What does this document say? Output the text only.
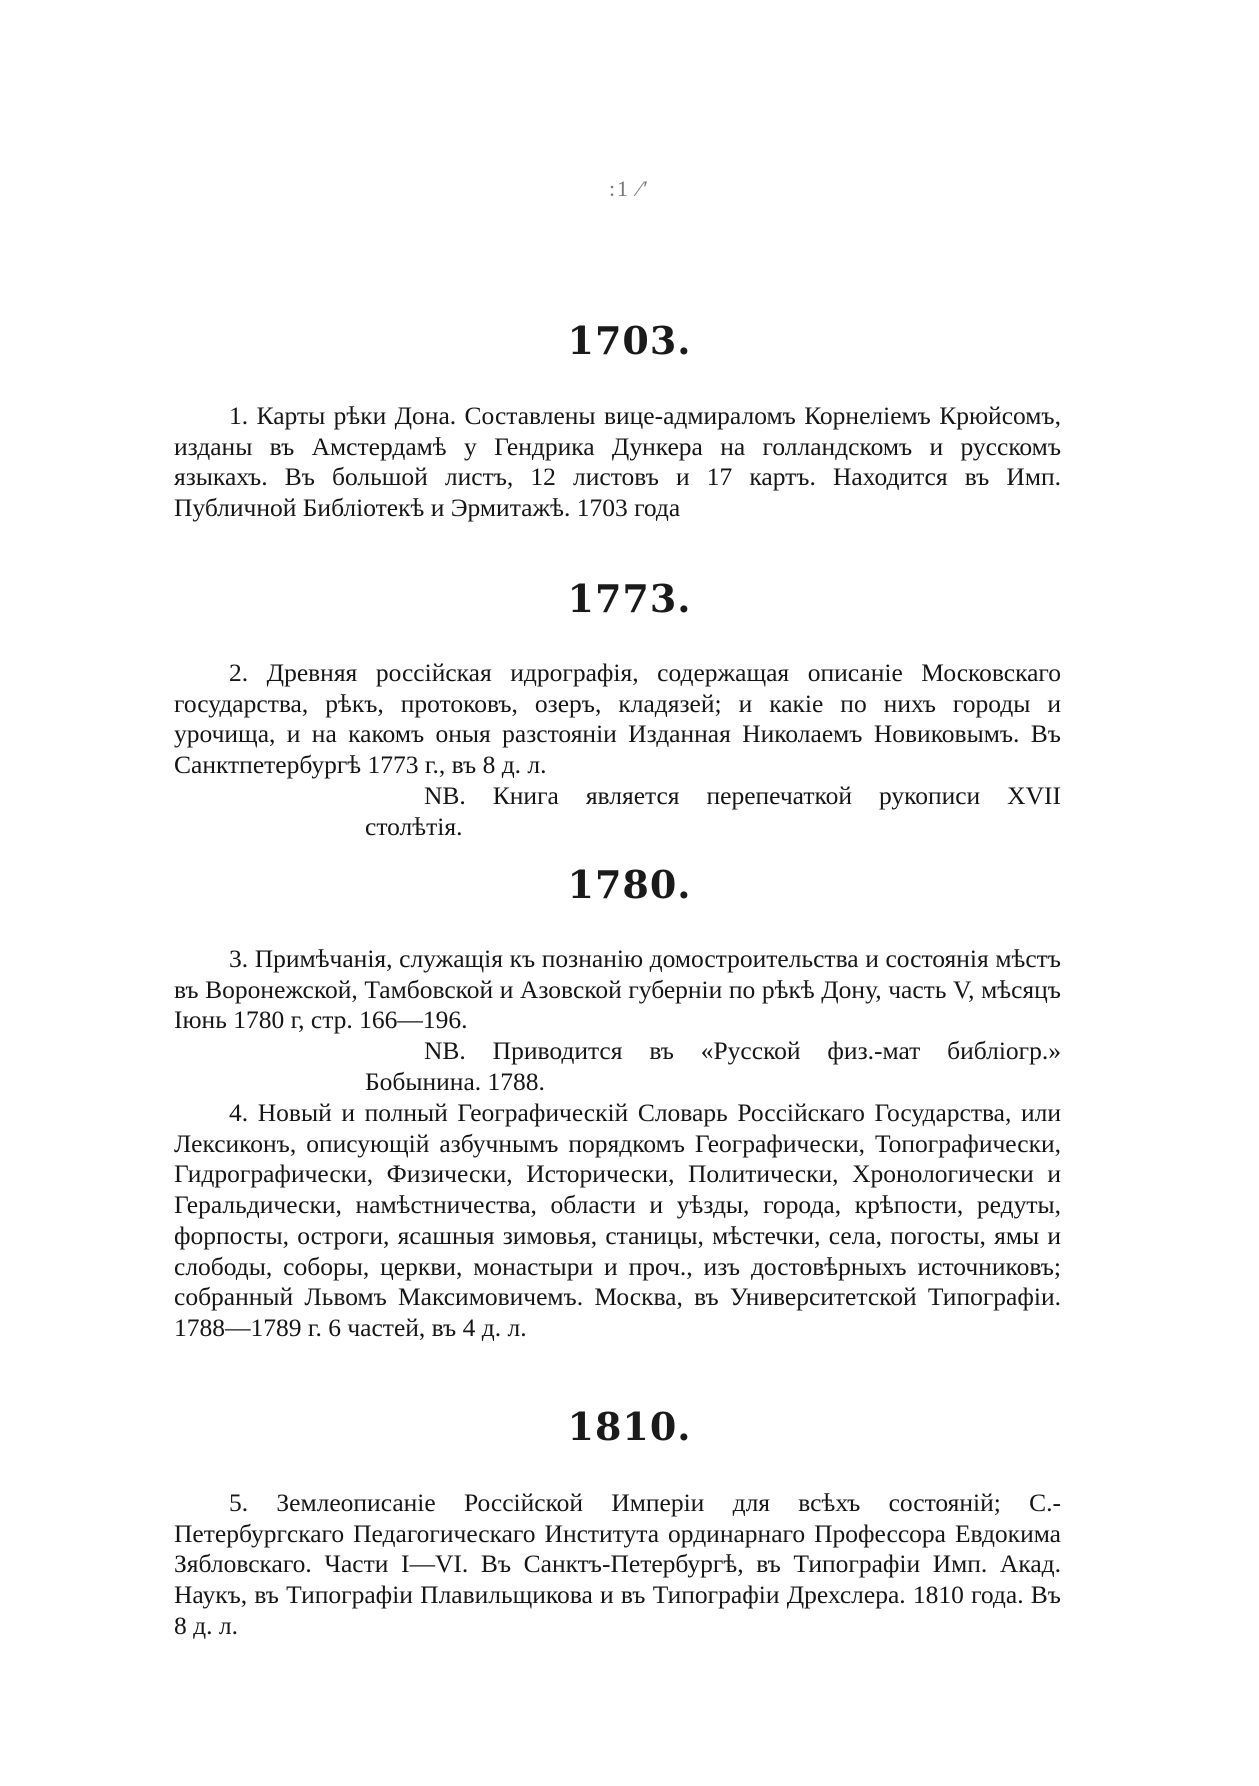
:1 ⁄′
1703.

1. Карты рѣки Дона. Составлены вице-адмираломъ Корнеліемъ Крюйсомъ, изданы въ Амстердамѣ у Гендрика Дункера на голландскомъ и русскомъ языкахъ. Въ большой листъ, 12 листовъ и 17 картъ. Находится въ Имп. Публичной Библіотекѣ и Эрмитажѣ. 1703 года

1773.

2. Древняя россійская идрографія, содержащая описаніе Московскаго государства, рѣкъ, протоковъ, озеръ, кладязей; и какіе по нихъ городы и урочища, и на какомъ оныя разстояніи Изданная Николаемъ Новиковымъ. Въ Санктпетербургѣ 1773 г., въ 8 д. л.

NB. Книга является перепечаткой рукописи XVII

столѣтія.

1780.

3. Примѣчанія, служащія къ познанію домостроительства и состоянія мѣстъ въ Воронежской, Тамбовской и Азовской губерніи по рѣкѣ Дону, часть V, мѣсяцъ Іюнь 1780 г, стр. 166—196.

NB. Приводится въ «Русской физ.-мат библіогр.»

Бобынина. 1788.

4. Новый и полный Географическій Словарь Россійскаго Государства, или Лексиконъ, описующій азбучнымъ порядкомъ Географически, Топографически, Гидрографически, Физически, Исторически, Политически, Хронологически и Геральдически, намѣстничества, области и уѣзды, города, крѣпости, редуты, форпосты, остроги, ясашныя зимовья, станицы, мѣстечки, села, погосты, ямы и слободы, соборы, церкви, монастыри и проч., изъ достовѣрныхъ источниковъ; собранный Львомъ Максимовичемъ. Москва, въ Университетской Типографіи. 1788—1789 г. 6 частей, въ 4 д. л.

1810.

5. Землеописаніе Россійской Имперіи для всѣхъ состояній; С.-Петербургскаго Педагогическаго Института ординарнаго Профессора Евдокима Зябловскаго. Части I—VI. Въ Санктъ-Петербургѣ, въ Типографіи Имп. Акад. Наукъ, въ Типографіи Плавильщикова и въ Типографіи Дрехслера. 1810 года. Въ 8 д. л.
